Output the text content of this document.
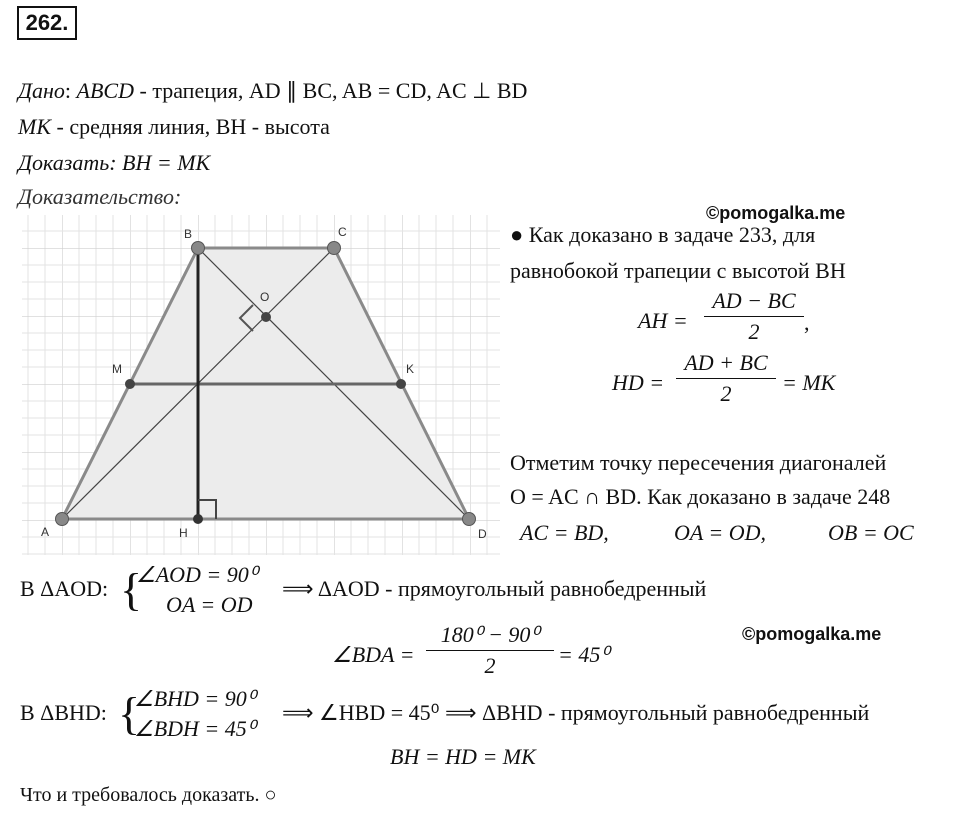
262.
Дано: ABCD - трапеция, AD ∥ BC, AB = CD, AC ⊥ BD
MK - средняя линия, BH - высота
Доказать: BH = MK
Доказательство:
A
B	C
D
M	K
O
H
©pomogalka.me
©pomogalka.me
● Как доказано в задаче 233, для
равнобокой трапеции с высотой BH
AH = $\frac{AD - BC}{2}$ ,
HD = $\frac{AD + BC}{2}$ = MK
Отметим точку пересечения диагоналей
O = AC ∩ BD. Как доказано в задаче 248
AC = BD,	OA = OD,	OB = OC
В ΔAOD: {
∠AOD = 90⁰
OA = OD
⟹ ΔAOD - прямоугольный равнобедренный
∠BDA = $\frac{\text{180⁰ − 90⁰}}{2} = 45^0$
В ΔBHD: {
∠BHD = 90⁰
∠BDH = 45⁰
⟹ ∠HBD = 45⁰ ⟹ ΔBHD - прямоугольный равнобедренный
BH = HD = MK
Что и требовалось доказать. ○
